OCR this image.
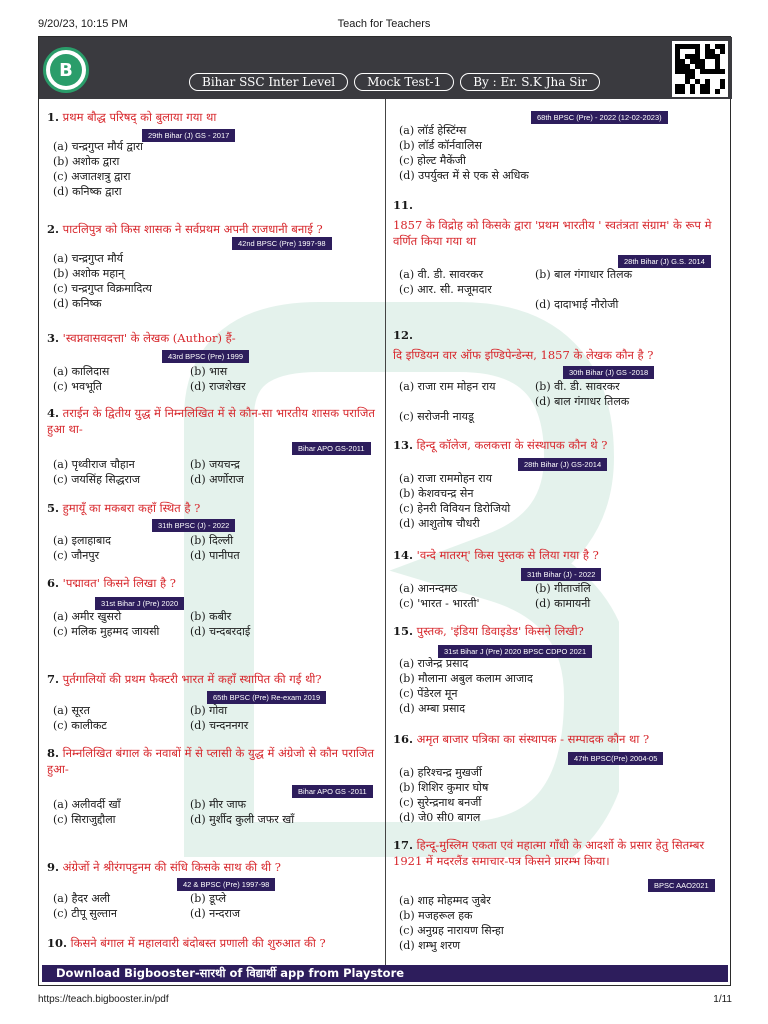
9/20/23, 10:15 PM	Teach for Teachers
B
Bihar SSC Inter Level	Mock Test-1	By : Er. S.K Jha Sir
1. प्रथम बौद्ध परिषद् को बुलाया गया था
29th Bihar (J) GS - 2017
(a) चन्द्रगुप्त मौर्य द्वारा
(b) अशोक द्वारा
(c) अजातशत्रु द्वारा
(d) कनिष्क द्वारा
2. पाटलिपुत्र को किस शासक ने सर्वप्रथम अपनी राजधानी बनाई ?
42nd BPSC (Pre) 1997-98
(a) चन्द्रगुप्त मौर्य
(b) अशोक महान्
(c) चन्द्रगुप्त विक्रमादित्य
(d) कनिष्क
3. 'स्वप्नवासवदत्ता' के लेखक (Author) हैं-
43rd BPSC (Pre) 1999
(a) कालिदास	(b) भास
(c) भवभूति	(d) राजशेखर
4. तराईन के द्वितीय युद्ध में निम्नलिखित में से कौन-सा भारतीय शासक पराजित हुआ था-
Bihar APO GS-2011
(a) पृथ्वीराज चौहान	(b) जयचन्द्र
(c) जयसिंह सिद्धराज	(d) अर्णोराज
5. हुमायूँ का मकबरा कहाँ स्थित है ?
31th BPSC (J) - 2022
(a) इलाहाबाद	(b) दिल्ली
(c) जौनपुर	(d) पानीपत
6. 'पद्मावत' किसने लिखा है ?
31st Bihar J (Pre) 2020
(a) अमीर खुसरो	(b) कबीर
(c) मलिक मुहम्मद जायसी	(d) चन्दबरदाई
7. पुर्तगालियों की प्रथम फैक्टरी भारत में कहाँ स्थापित की गई थी?
65th BPSC (Pre) Re-exam 2019
(a) सूरत	(b) गोवा
(c) कालीकट	(d) चन्दननगर
8. निम्नलिखित बंगाल के नवाबों में से प्लासी के युद्ध में अंग्रेजो से कौन पराजित हुआ-
Bihar APO GS -2011
(a) अलीवर्दी खाँ	(b) मीर जाफ
(c) सिराजुद्दौला	(d) मुर्शीद कुली जफर खाँ
9. अंग्रेजों ने श्रीरंगपट्टनम की संधि किसके साथ की थी ?
42 & BPSC (Pre) 1997-98
(a) हैदर अली	(b) डूप्ले
(c) टीपू सुल्तान	(d) नन्दराज
10. किसने बंगाल में महालवारी बंदोबस्त प्रणाली की शुरुआत की ?
68th BPSC (Pre) - 2022 (12-02-2023)
(a) लॉर्ड हेस्टिंग्स
(b) लॉर्ड कॉर्नवालिस
(c) होल्ट मैकेंजी
(d) उपर्युक्त में से एक से अधिक
11.
1857 के विद्रोह को किसके द्वारा 'प्रथम भारतीय ' स्वतंत्रता संग्राम' के रूप मे वर्णित किया गया था
28th Bihar (J) G.S. 2014
(a) वी. डी. सावरकर	(b) बाल गंगाधार तिलक
(c) आर. सी. मजूमदार
(d) दादाभाई नौरोजी
12.
दि इण्डियन वार ऑफ इण्डिपेन्डेन्स, 1857 के लेखक कौन है ?
30th Bihar (J) GS -2018
(a) राजा राम मोहन राय	(b) वी. डी. सावरकर
(c) सरोजनी नायडू
(d) बाल गंगाधर तिलक
13. हिन्दू कॉलेज, कलकत्ता के संस्थापक कौन थे ?
28th Bihar (J) GS-2014
(a) राजा राममोहन राय
(b) केशवचन्द्र सेन
(c) हेनरी विवियन डिरोजियो
(d) आशुतोष चौधरी
14. 'वन्दे मातरम्' किस पुस्तक से लिया गया है ?
31th Bihar (J) - 2022
(a) आनन्दमठ	(b) गीताजंलि
(c) 'भारत - भारती'	(d) कामायनी
15. पुस्तक, 'इंडिया डिवाइडेड' किसने लिखी?
31st Bihar J (Pre) 2020 BPSC CDPO 2021
(a) राजेन्द्र प्रसाद
(b) मौलाना अबुल कलाम आजाद
(c) पेंडेरल मून
(d) अम्बा प्रसाद
16. अमृत बाजार पत्रिका का संस्थापक - सम्पादक कौन था ?
47th BPSC(Pre) 2004-05
(a) हरिश्चन्द्र मुखर्जी
(b) शिशिर कुमार घोष
(c) सुरेन्द्रनाथ बनर्जी
(d) जे0 सी0 बागल
17. हिन्दू-मुस्लिम एकता एवं महात्मा गाँधी के आदर्शो के प्रसार हेतु सितम्बर 1921 में मदरलैंड समाचार-पत्र किसने प्रारम्भ किया।
BPSC AAO2021
(a) शाह मोहम्मद जुबेर
(b) मजहरूल हक
(c) अनुग्रह नारायण सिन्हा
(d) शम्भु शरण
Download Bigbooster-सारथी of विद्यार्थी app from Playstore
https://teach.bigbooster.in/pdf	1/11
